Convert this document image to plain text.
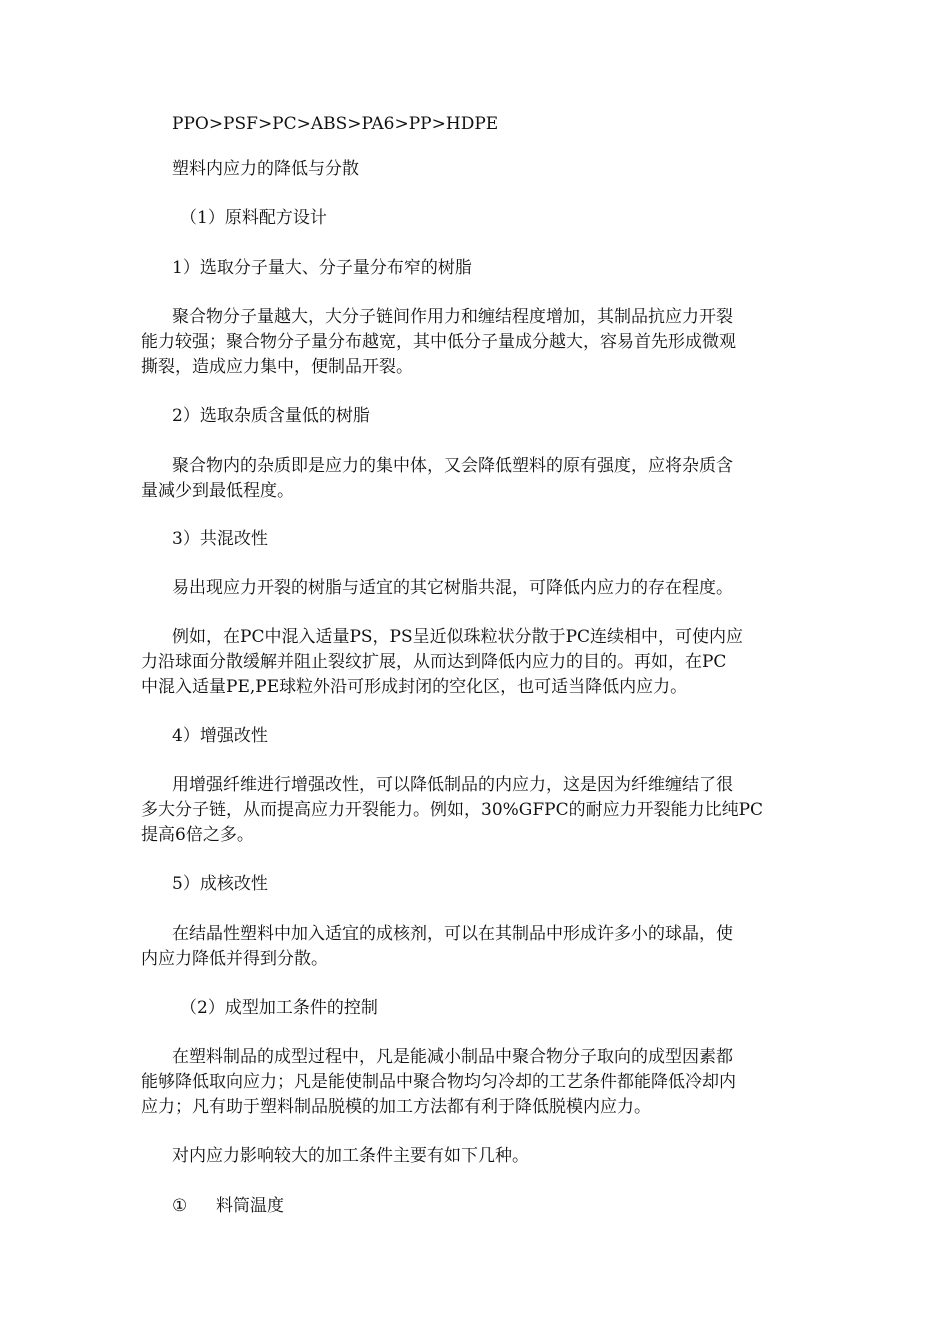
PPO>PSF>PC>ABS>PA6>PP>HDPE
塑料内应力的降低与分散
（1）原料配方设计
1）选取分子量大、分子量分布窄的树脂
聚合物分子量越大，大分子链间作用力和缠结程度增加，其制品抗应力开裂
能力较强；聚合物分子量分布越宽，其中低分子量成分越大，容易首先形成微观
撕裂，造成应力集中，便制品开裂。
2）选取杂质含量低的树脂
聚合物内的杂质即是应力的集中体，又会降低塑料的原有强度，应将杂质含
量减少到最低程度。
3）共混改性
易出现应力开裂的树脂与适宜的其它树脂共混，可降低内应力的存在程度。
例如，在PC中混入适量PS，PS呈近似珠粒状分散于PC连续相中，可使内应
力沿球面分散缓解并阻止裂纹扩展，从而达到降低内应力的目的。再如，在PC
中混入适量PE,PE球粒外沿可形成封闭的空化区，也可适当降低内应力。
4）增强改性
用增强纤维进行增强改性，可以降低制品的内应力，这是因为纤维缠结了很
多大分子链，从而提高应力开裂能力。例如，30%GFPC的耐应力开裂能力比纯PC
提高6倍之多。
5）成核改性
在结晶性塑料中加入适宜的成核剂，可以在其制品中形成许多小的球晶，使
内应力降低并得到分散。
（2）成型加工条件的控制
在塑料制品的成型过程中，凡是能减小制品中聚合物分子取向的成型因素都
能够降低取向应力；凡是能使制品中聚合物均匀冷却的工艺条件都能降低冷却内
应力；凡有助于塑料制品脱模的加工方法都有利于降低脱模内应力。
对内应力影响较大的加工条件主要有如下几种。
① 料筒温度
